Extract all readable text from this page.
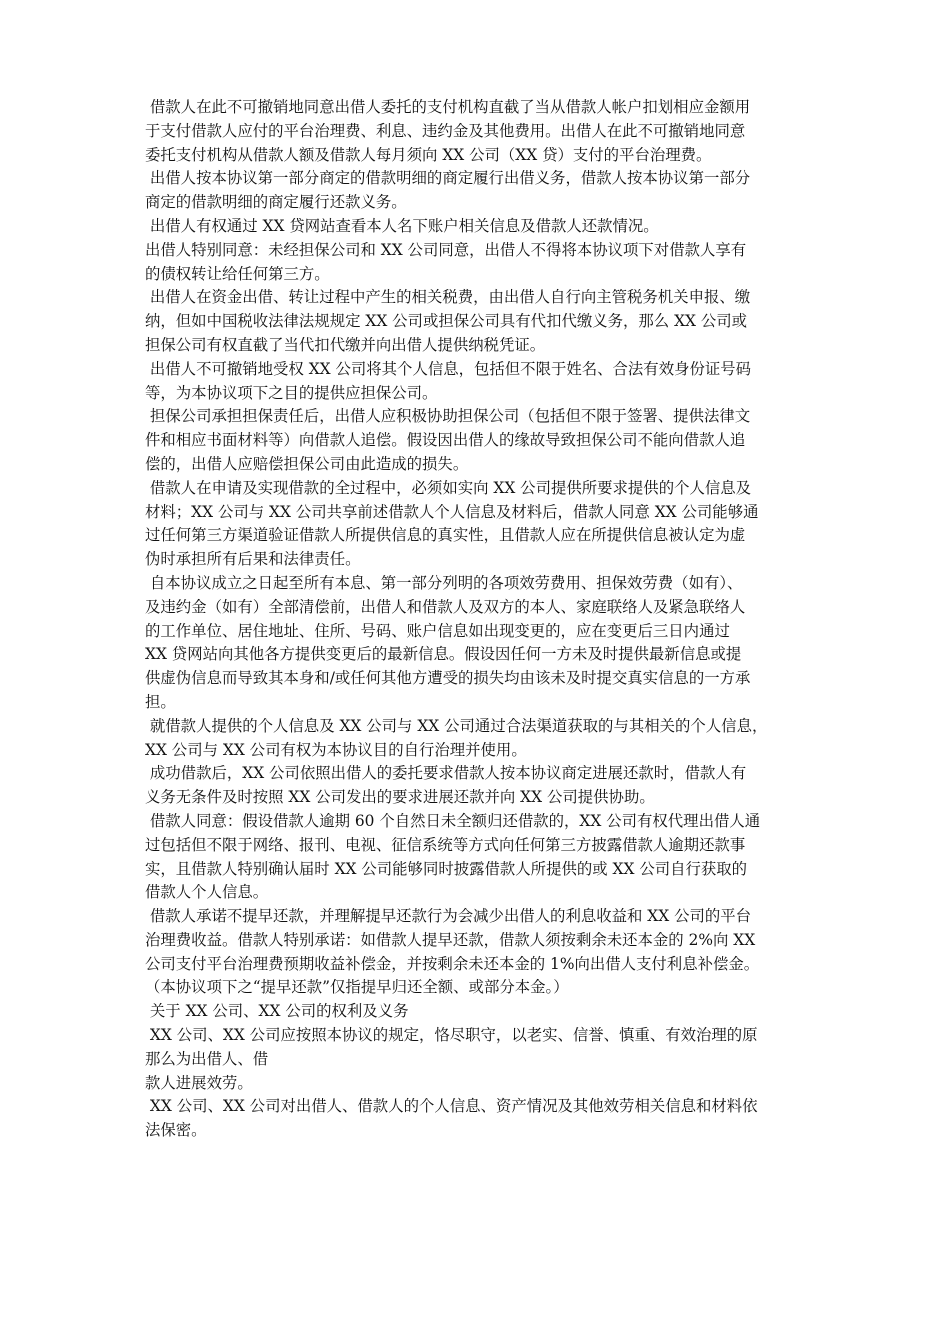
借款人在此不可撤销地同意出借人委托的支付机构直截了当从借款人帐户扣划相应金额用
于支付借款人应付的平台治理费、利息、违约金及其他费用。出借人在此不可撤销地同意
委托支付机构从借款人额及借款人每月须向 XX 公司（XX 贷）支付的平台治理费。
出借人按本协议第一部分商定的借款明细的商定履行出借义务，借款人按本协议第一部分
商定的借款明细的商定履行还款义务。
出借人有权通过 XX 贷网站查看本人名下账户相关信息及借款人还款情况。
出借人特别同意：未经担保公司和 XX 公司同意，出借人不得将本协议项下对借款人享有
的债权转让给任何第三方。
出借人在资金出借、转让过程中产生的相关税费，由出借人自行向主管税务机关申报、缴
纳，但如中国税收法律法规规定 XX 公司或担保公司具有代扣代缴义务，那么 XX 公司或
担保公司有权直截了当代扣代缴并向出借人提供纳税凭证。
出借人不可撤销地受权 XX 公司将其个人信息，包括但不限于姓名、合法有效身份证号码
等，为本协议项下之目的提供应担保公司。
担保公司承担担保责任后，出借人应积极协助担保公司（包括但不限于签署、提供法律文
件和相应书面材料等）向借款人追偿。假设因出借人的缘故导致担保公司不能向借款人追
偿的，出借人应赔偿担保公司由此造成的损失。
借款人在申请及实现借款的全过程中，必须如实向 XX 公司提供所要求提供的个人信息及
材料；XX 公司与 XX 公司共享前述借款人个人信息及材料后，借款人同意 XX 公司能够通
过任何第三方渠道验证借款人所提供信息的真实性，且借款人应在所提供信息被认定为虚
伪时承担所有后果和法律责任。
自本协议成立之日起至所有本息、第一部分列明的各项效劳费用、担保效劳费（如有）、
及违约金（如有）全部清偿前，出借人和借款人及双方的本人、家庭联络人及紧急联络人
的工作单位、居住地址、住所、号码、账户信息如出现变更的，应在变更后三日内通过
XX 贷网站向其他各方提供变更后的最新信息。假设因任何一方未及时提供最新信息或提
供虚伪信息而导致其本身和/或任何其他方遭受的损失均由该未及时提交真实信息的一方承
担。
就借款人提供的个人信息及 XX 公司与 XX 公司通过合法渠道获取的与其相关的个人信息，
XX 公司与 XX 公司有权为本协议目的自行治理并使用。
成功借款后，XX 公司依照出借人的委托要求借款人按本协议商定进展还款时，借款人有
义务无条件及时按照 XX 公司发出的要求进展还款并向 XX 公司提供协助。
借款人同意：假设借款人逾期 60 个自然日未全额归还借款的，XX 公司有权代理出借人通
过包括但不限于网络、报刊、电视、征信系统等方式向任何第三方披露借款人逾期还款事
实，且借款人特别确认届时 XX 公司能够同时披露借款人所提供的或 XX 公司自行获取的
借款人个人信息。
借款人承诺不提早还款，并理解提早还款行为会减少出借人的利息收益和 XX 公司的平台
治理费收益。借款人特别承诺：如借款人提早还款，借款人须按剩余未还本金的 2%向 XX
公司支付平台治理费预期收益补偿金，并按剩余未还本金的 1%向出借人支付利息补偿金。
（本协议项下之“提早还款”仅指提早归还全额、或部分本金。）
关于 XX 公司、XX 公司的权利及义务
XX 公司、XX 公司应按照本协议的规定，恪尽职守，以老实、信誉、慎重、有效治理的原
那么为出借人、借
款人进展效劳。
XX 公司、XX 公司对出借人、借款人的个人信息、资产情况及其他效劳相关信息和材料依
法保密。
